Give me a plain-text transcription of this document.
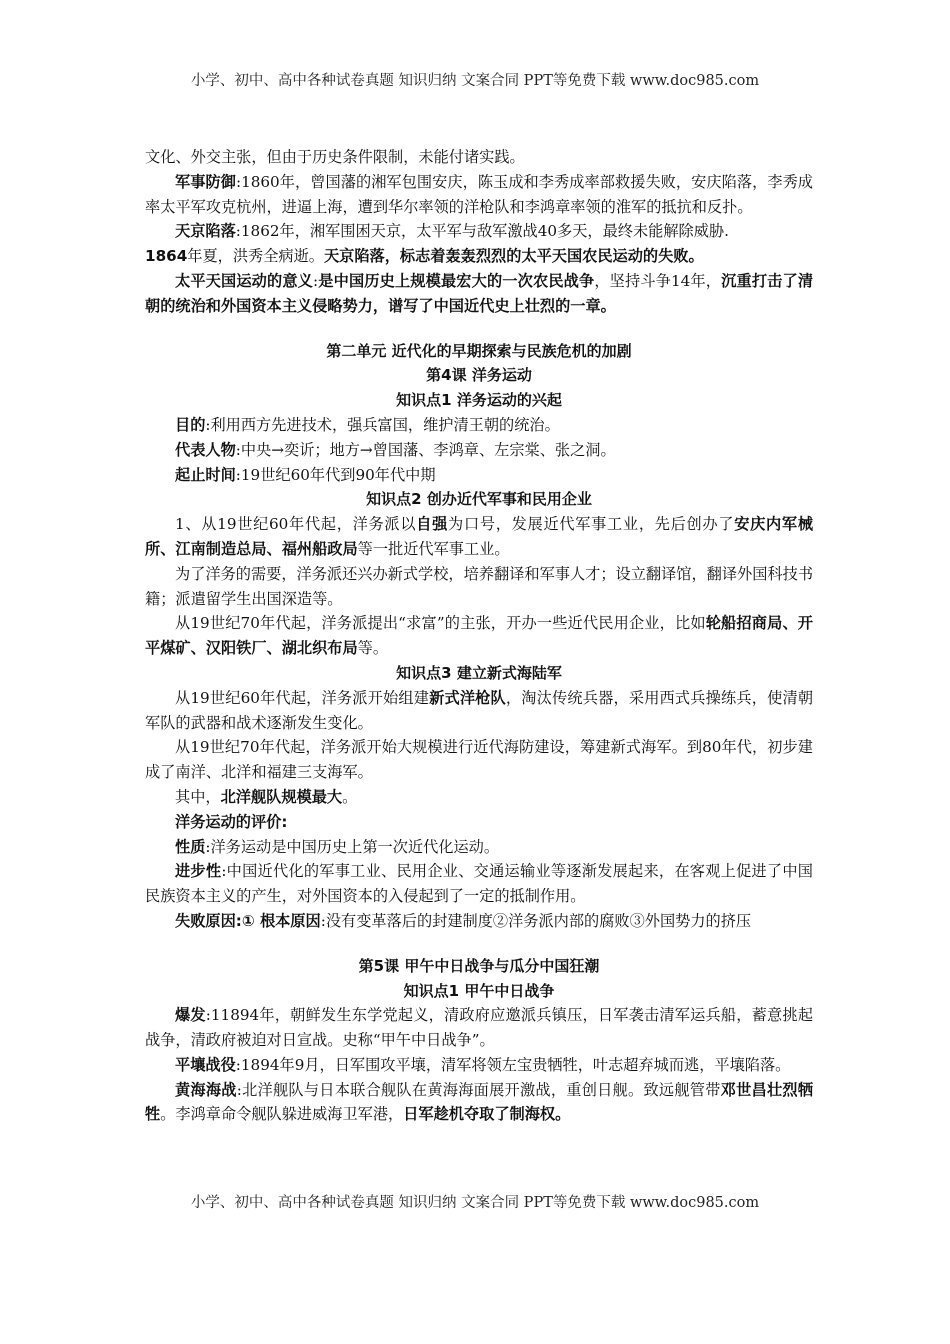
小学、初中、高中各种试卷真题 知识归纳 文案合同 PPT等免费下载 www.doc985.com

文化、外交主张，但由于历史条件限制，未能付诸实践。

军事防御:1860年，曾国藩的湘军包围安庆，陈玉成和李秀成率部救援失败，安庆陷落，李秀成率太平军攻克杭州，进逼上海，遭到华尔率领的洋枪队和李鸿章率领的淮军的抵抗和反扑。

天京陷落:1862年，湘军围困天京，太平军与敌军激战40多天，最终未能解除威胁.
1864年夏，洪秀全病逝。天京陷落，标志着轰轰烈烈的太平天国农民运动的失败。

太平天国运动的意义:是中国历史上规模最宏大的一次农民战争，坚持斗争14年，沉重打击了清朝的统治和外国资本主义侵略势力，谱写了中国近代史上壮烈的一章。

第二单元 近代化的早期探索与民族危机的加剧

第4课 洋务运动

知识点1 洋务运动的兴起

目的:利用西方先进技术，强兵富国，维护清王朝的统治。

代表人物:中央→奕䜣；地方→曾国藩、李鸿章、左宗棠、张之洞。

起止时间:19世纪60年代到90年代中期

知识点2 创办近代军事和民用企业

1、从19世纪60年代起，洋务派以自强为口号，发展近代军事工业，先后创办了安庆内军械所、江南制造总局、福州船政局等一批近代军事工业。

为了洋务的需要，洋务派还兴办新式学校，培养翻译和军事人才；设立翻译馆，翻译外国科技书籍；派遣留学生出国深造等。

从19世纪70年代起，洋务派提出“求富”的主张，开办一些近代民用企业，比如轮船招商局、开平煤矿、汉阳铁厂、湖北织布局等。

知识点3 建立新式海陆军

从19世纪60年代起，洋务派开始组建新式洋枪队，淘汰传统兵器，采用西式兵操练兵，使清朝军队的武器和战术逐渐发生变化。

从19世纪70年代起，洋务派开始大规模进行近代海防建设，筹建新式海军。到80年代，初步建成了南洋、北洋和福建三支海军。

其中，北洋舰队规模最大。

洋务运动的评价:

性质:洋务运动是中国历史上第一次近代化运动。

进步性:中国近代化的军事工业、民用企业、交通运输业等逐渐发展起来，在客观上促进了中国民族资本主义的产生，对外国资本的入侵起到了一定的抵制作用。

失败原因:① 根本原因:没有变革落后的封建制度②洋务派内部的腐败③外国势力的挤压

第5课 甲午中日战争与瓜分中国狂潮

知识点1 甲午中日战争

爆发:11894年，朝鲜发生东学党起义，清政府应邀派兵镇压，日军袭击清军运兵船，蓄意挑起战争，清政府被迫对日宣战。史称“甲午中日战争”。

平壤战役:1894年9月，日军围攻平壤，清军将领左宝贵牺牲，叶志超弃城而逃，平壤陷落。

黄海海战:北洋舰队与日本联合舰队在黄海海面展开激战，重创日舰。致远舰管带邓世昌壮烈牺牲。李鸿章命令舰队躲进威海卫军港，日军趁机夺取了制海权。

小学、初中、高中各种试卷真题 知识归纳 文案合同 PPT等免费下载 www.doc985.com
